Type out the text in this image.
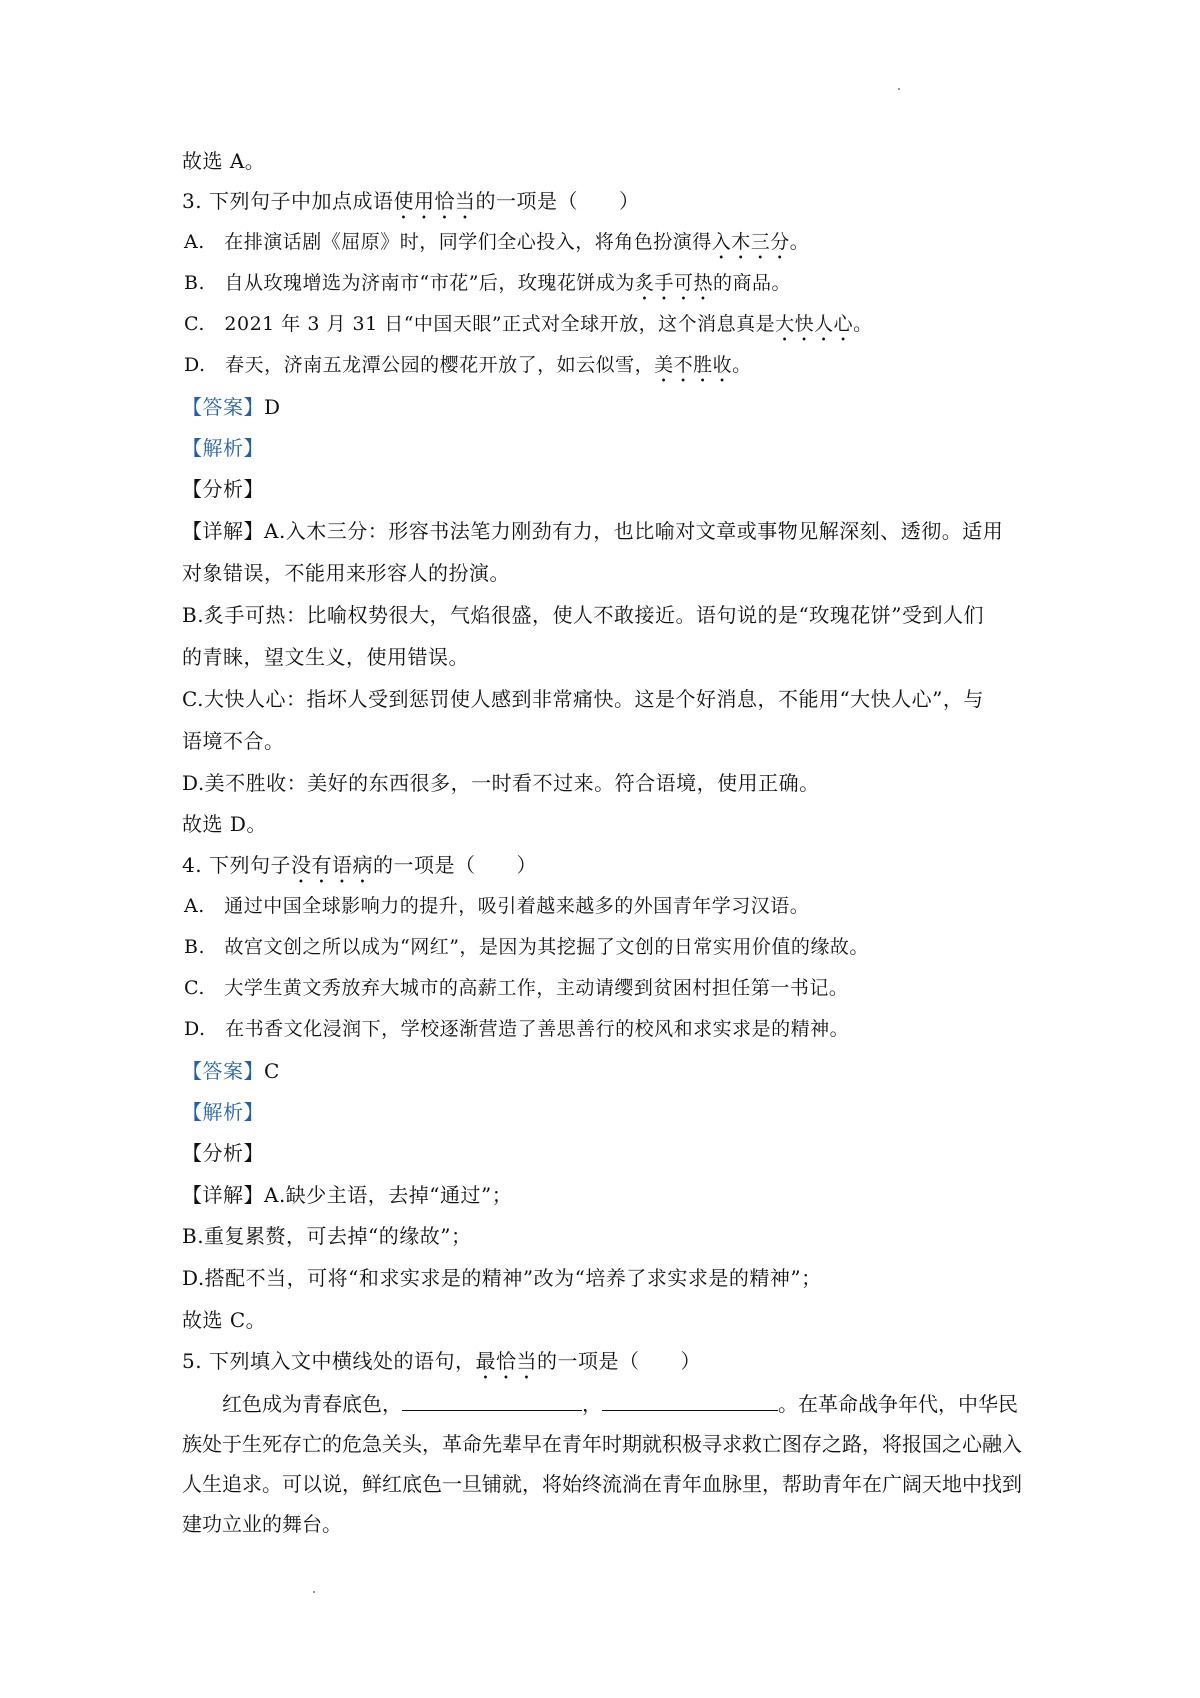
故选 A。
3. 下列句子中加点成语使用恰当的一项是（　　）
A.　在排演话剧《屈原》时，同学们全心投入，将角色扮演得入木三分。
B.　自从玫瑰增选为济南市“市花”后，玫瑰花饼成为炙手可热的商品。
C.　2021 年 3 月 31 日“中国天眼”正式对全球开放，这个消息真是大快人心。
D.　春天，济南五龙潭公园的樱花开放了，如云似雪，美不胜收。
【答案】D
【解析】
【分析】
【详解】A.入木三分：形容书法笔力刚劲有力，也比喻对文章或事物见解深刻、透彻。适用
对象错误，不能用来形容人的扮演。
B.炙手可热：比喻权势很大，气焰很盛，使人不敢接近。语句说的是“玫瑰花饼”受到人们
的青睐，望文生义，使用错误。
C.大快人心：指坏人受到惩罚使人感到非常痛快。这是个好消息，不能用“大快人心”，与
语境不合。
D.美不胜收：美好的东西很多，一时看不过来。符合语境，使用正确。
故选 D。
4. 下列句子没有语病的一项是（　　）
A.　通过中国全球影响力的提升，吸引着越来越多的外国青年学习汉语。
B.　故宫文创之所以成为“网红”，是因为其挖掘了文创的日常实用价值的缘故。
C.　大学生黄文秀放弃大城市的高薪工作，主动请缨到贫困村担任第一书记。
D.　在书香文化浸润下，学校逐渐营造了善思善行的校风和求实求是的精神。
【答案】C
【解析】
【分析】
【详解】A.缺少主语，去掉“通过”；
B.重复累赘，可去掉“的缘故”；
D.搭配不当，可将“和求实求是的精神”改为“培养了求实求是的精神”；
故选 C。
5. 下列填入文中横线处的语句，最恰当的一项是（　　）
红色成为青春底色，	，	。在革命战争年代，中华民族处于生死存亡的危急关头，革命先辈早在青年时期就积极寻求救亡图存之路，将报国之心融入人生追求。可以说，鲜红底色一旦铺就，将始终流淌在青年血脉里，帮助青年在广阔天地中找到建功立业的舞台。
